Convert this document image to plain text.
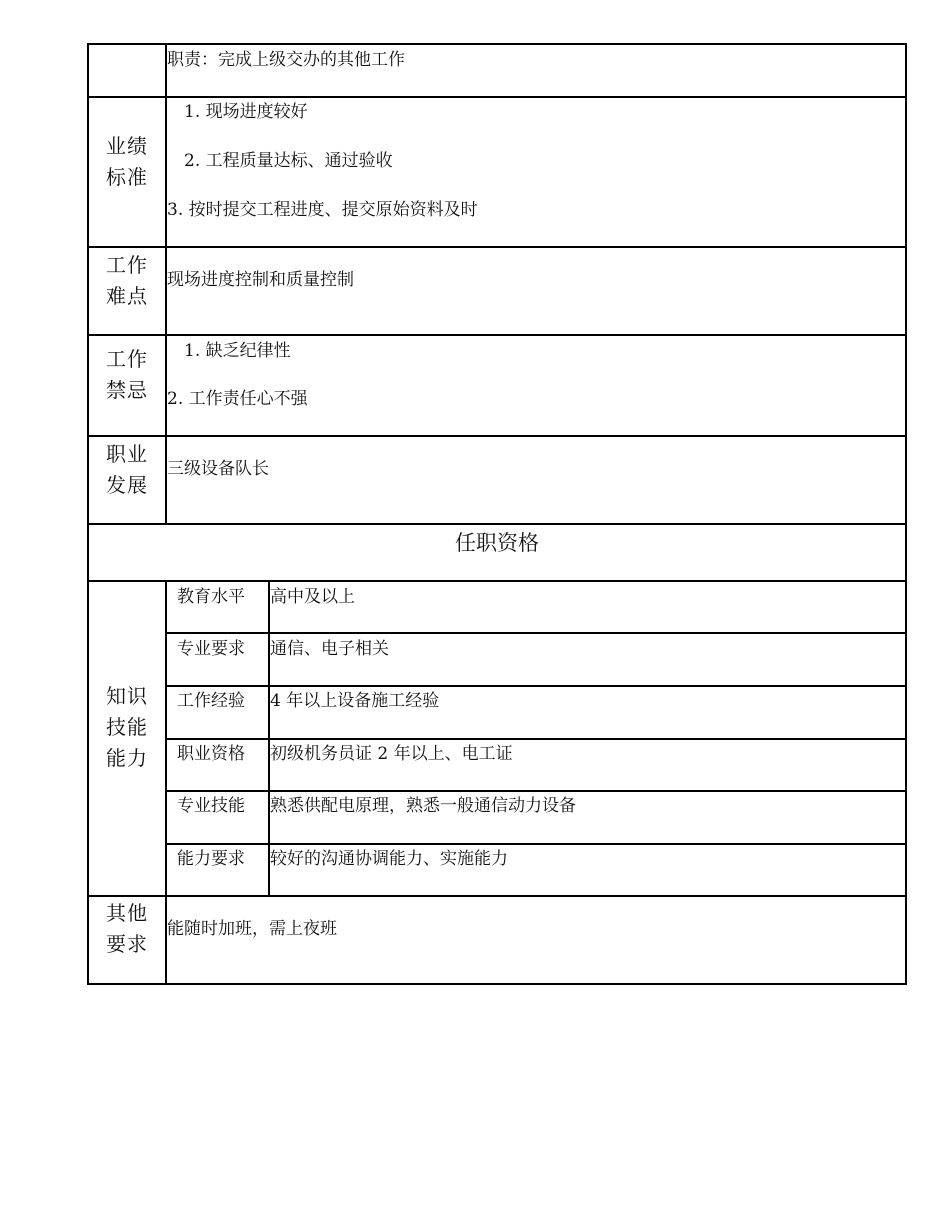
职责：完成上级交办的其他工作
业绩
标准
1. 现场进度较好
2. 工程质量达标、通过验收
3. 按时提交工程进度、提交原始资料及时
工作
难点
现场进度控制和质量控制
工作
禁忌
1. 缺乏纪律性
2. 工作责任心不强
职业
发展
三级设备队长
任职资格
知识
技能
能力
教育水平 高中及以上
专业要求 通信、电子相关
工作经验 4 年以上设备施工经验
职业资格 初级机务员证 2 年以上、电工证
专业技能 熟悉供配电原理，熟悉一般通信动力设备
能力要求 较好的沟通协调能力、实施能力
其他
要求
能随时加班，需上夜班
